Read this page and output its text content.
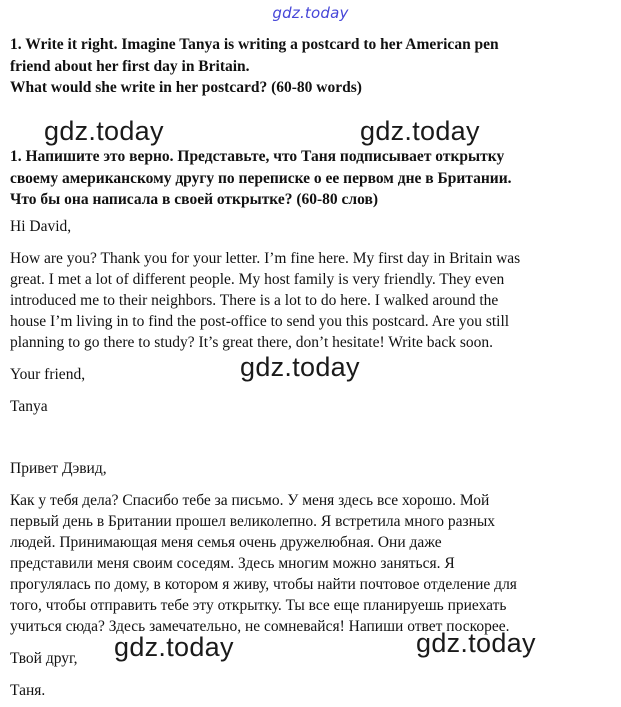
gdz.today
1. Write it right. Imagine Tanya is writing a postcard to her American pen
friend about her first day in Britain.
What would she write in her postcard? (60-80 words)
gdz.today	gdz.today
1. Напишите это верно. Представьте, что Таня подписывает открытку
своему американскому другу по переписке о ее первом дне в Британии.
Что бы она написала в своей открытке? (60-80 слов)
Hi David,
How are you? Thank you for your letter. I’m fine here. My first day in Britain was
great. I met a lot of different people. My host family is very friendly. They even
introduced me to their neighbors. There is a lot to do here. I walked around the
house I’m living in to find the post-office to send you this postcard. Are you still
planning to go there to study? It’s great there, don’t hesitate! Write back soon.
gdz.today
Your friend,
Tanya
Привет Дэвид,
Как у тебя дела? Спасибо тебе за письмо. У меня здесь все хорошо. Мой
первый день в Британии прошел великолепно. Я встретила много разных
людей. Принимающая меня семья очень дружелюбная. Они даже
представили меня своим соседям. Здесь многим можно заняться. Я
прогулялась по дому, в котором я живу, чтобы найти почтовое отделение для
того, чтобы отправить тебе эту открытку. Ты все еще планируешь приехать
учиться сюда? Здесь замечательно, не сомневайся! Напиши ответ поскорее.
Твой друг,	gdz.today	gdz.today
Таня.
